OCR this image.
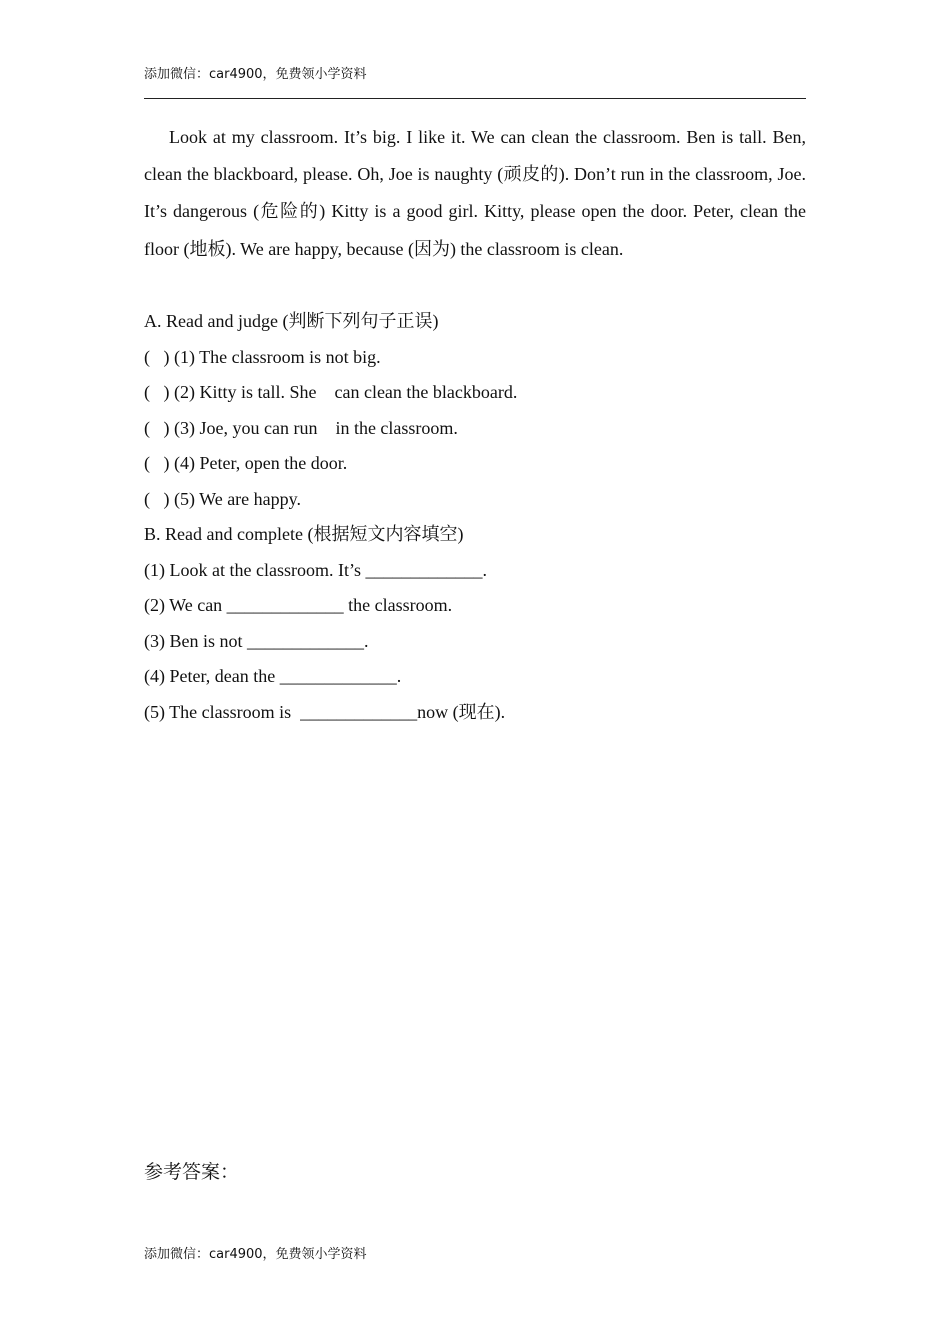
添加微信：car4900，免费领小学资料

Look at my classroom. It’s big. I like it. We can clean the classroom. Ben is tall. Ben, clean the blackboard, please. Oh, Joe is naughty (顽皮的). Don’t run in the classroom, Joe. It’s dangerous (危险的) Kitty is a good girl. Kitty, please open the door. Peter, clean the floor (地板). We are happy, because (因为) the classroom is clean.

A. Read and judge (判断下列句子正误)
(   ) (1) The classroom is not big.
(   ) (2) Kitty is tall. She    can clean the blackboard.
(   ) (3) Joe, you can run    in the classroom.
(   ) (4) Peter, open the door.
(   ) (5) We are happy.
B. Read and complete (根据短文内容填空)
(1) Look at the classroom. It’s _____________.
(2) We can _____________ the classroom.
(3) Ben is not _____________.
(4) Peter, dean the _____________.
(5) The classroom is  _____________now (现在).
参考答案：
添加微信：car4900，免费领小学资料
